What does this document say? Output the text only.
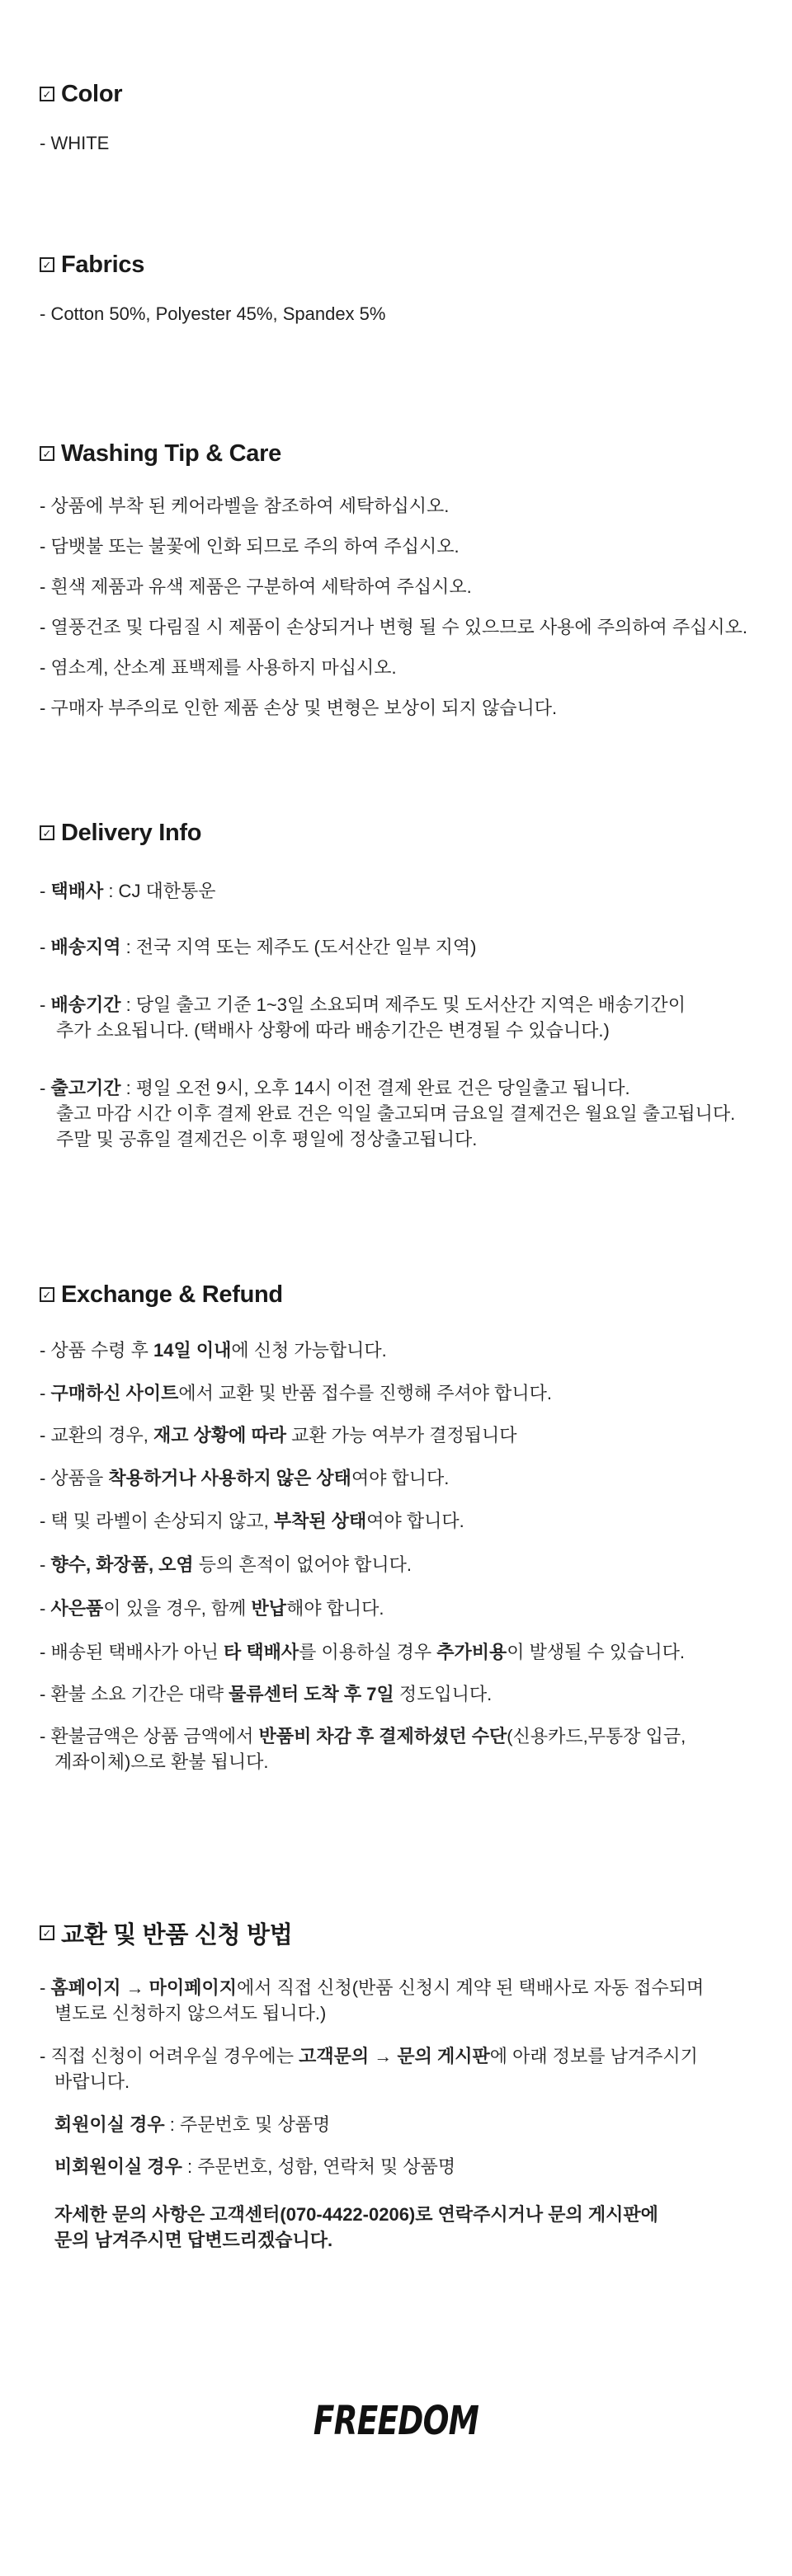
✓ Color
- WHITE
✓ Fabrics
- Cotton 50%, Polyester 45%, Spandex 5%
✓ Washing Tip & Care
- 상품에 부착 된 케어라벨을 참조하여 세탁하십시오.
- 담뱃불 또는 불꽃에 인화 되므로 주의 하여 주십시오.
- 흰색 제품과 유색 제품은 구분하여 세탁하여 주십시오.
- 열풍건조 및 다림질 시 제품이 손상되거나 변형 될 수 있으므로 사용에 주의하여 주십시오.
- 염소계, 산소계 표백제를 사용하지 마십시오.
- 구매자 부주의로 인한 제품 손상 및 변형은 보상이 되지 않습니다.
✓ Delivery Info
- 택배사 : CJ 대한통운
- 배송지역 : 전국 지역 또는 제주도 (도서산간 일부 지역)
- 배송기간 : 당일 출고 기준 1~3일 소요되며 제주도 및 도서산간 지역은 배송기간이
추가 소요됩니다. (택배사 상황에 따라 배송기간은 변경될 수 있습니다.)
- 출고기간 : 평일 오전 9시, 오후 14시 이전 결제 완료 건은 당일출고 됩니다.
출고 마감 시간 이후 결제 완료 건은 익일 출고되며 금요일 결제건은 월요일 출고됩니다.
주말 및 공휴일 결제건은 이후 평일에 정상출고됩니다.
✓ Exchange & Refund
- 상품 수령 후 14일 이내에 신청 가능합니다.
- 구매하신 사이트에서 교환 및 반품 접수를 진행해 주셔야 합니다.
- 교환의 경우, 재고 상황에 따라 교환 가능 여부가 결정됩니다
- 상품을 착용하거나 사용하지 않은 상태여야 합니다.
- 택 및 라벨이 손상되지 않고, 부착된 상태여야 합니다.
- 향수, 화장품, 오염 등의 흔적이 없어야 합니다.
- 사은품이 있을 경우, 함께 반납해야 합니다.
- 배송된 택배사가 아닌 타 택배사를 이용하실 경우 추가비용이 발생될 수 있습니다.
- 환불 소요 기간은 대략 물류센터 도착 후 7일 정도입니다.
- 환불금액은 상품 금액에서 반품비 차감 후 결제하셨던 수단(신용카드,무통장 입금,
계좌이체)으로 환불 됩니다.
✓ 교환 및 반품 신청 방법
- 홈페이지 → 마이페이지에서 직접 신청(반품 신청시 계약 된 택배사로 자동 접수되며
별도로 신청하지 않으셔도 됩니다.)
- 직접 신청이 어려우실 경우에는 고객문의 → 문의 게시판에 아래 정보를 남겨주시기
바랍니다.
회원이실 경우 : 주문번호 및 상품명
비회원이실 경우 : 주문번호, 성함, 연락처 및 상품명
자세한 문의 사항은 고객센터(070-4422-0206)로 연락주시거나 문의 게시판에
문의 남겨주시면 답변드리겠습니다.
FREEDOM
